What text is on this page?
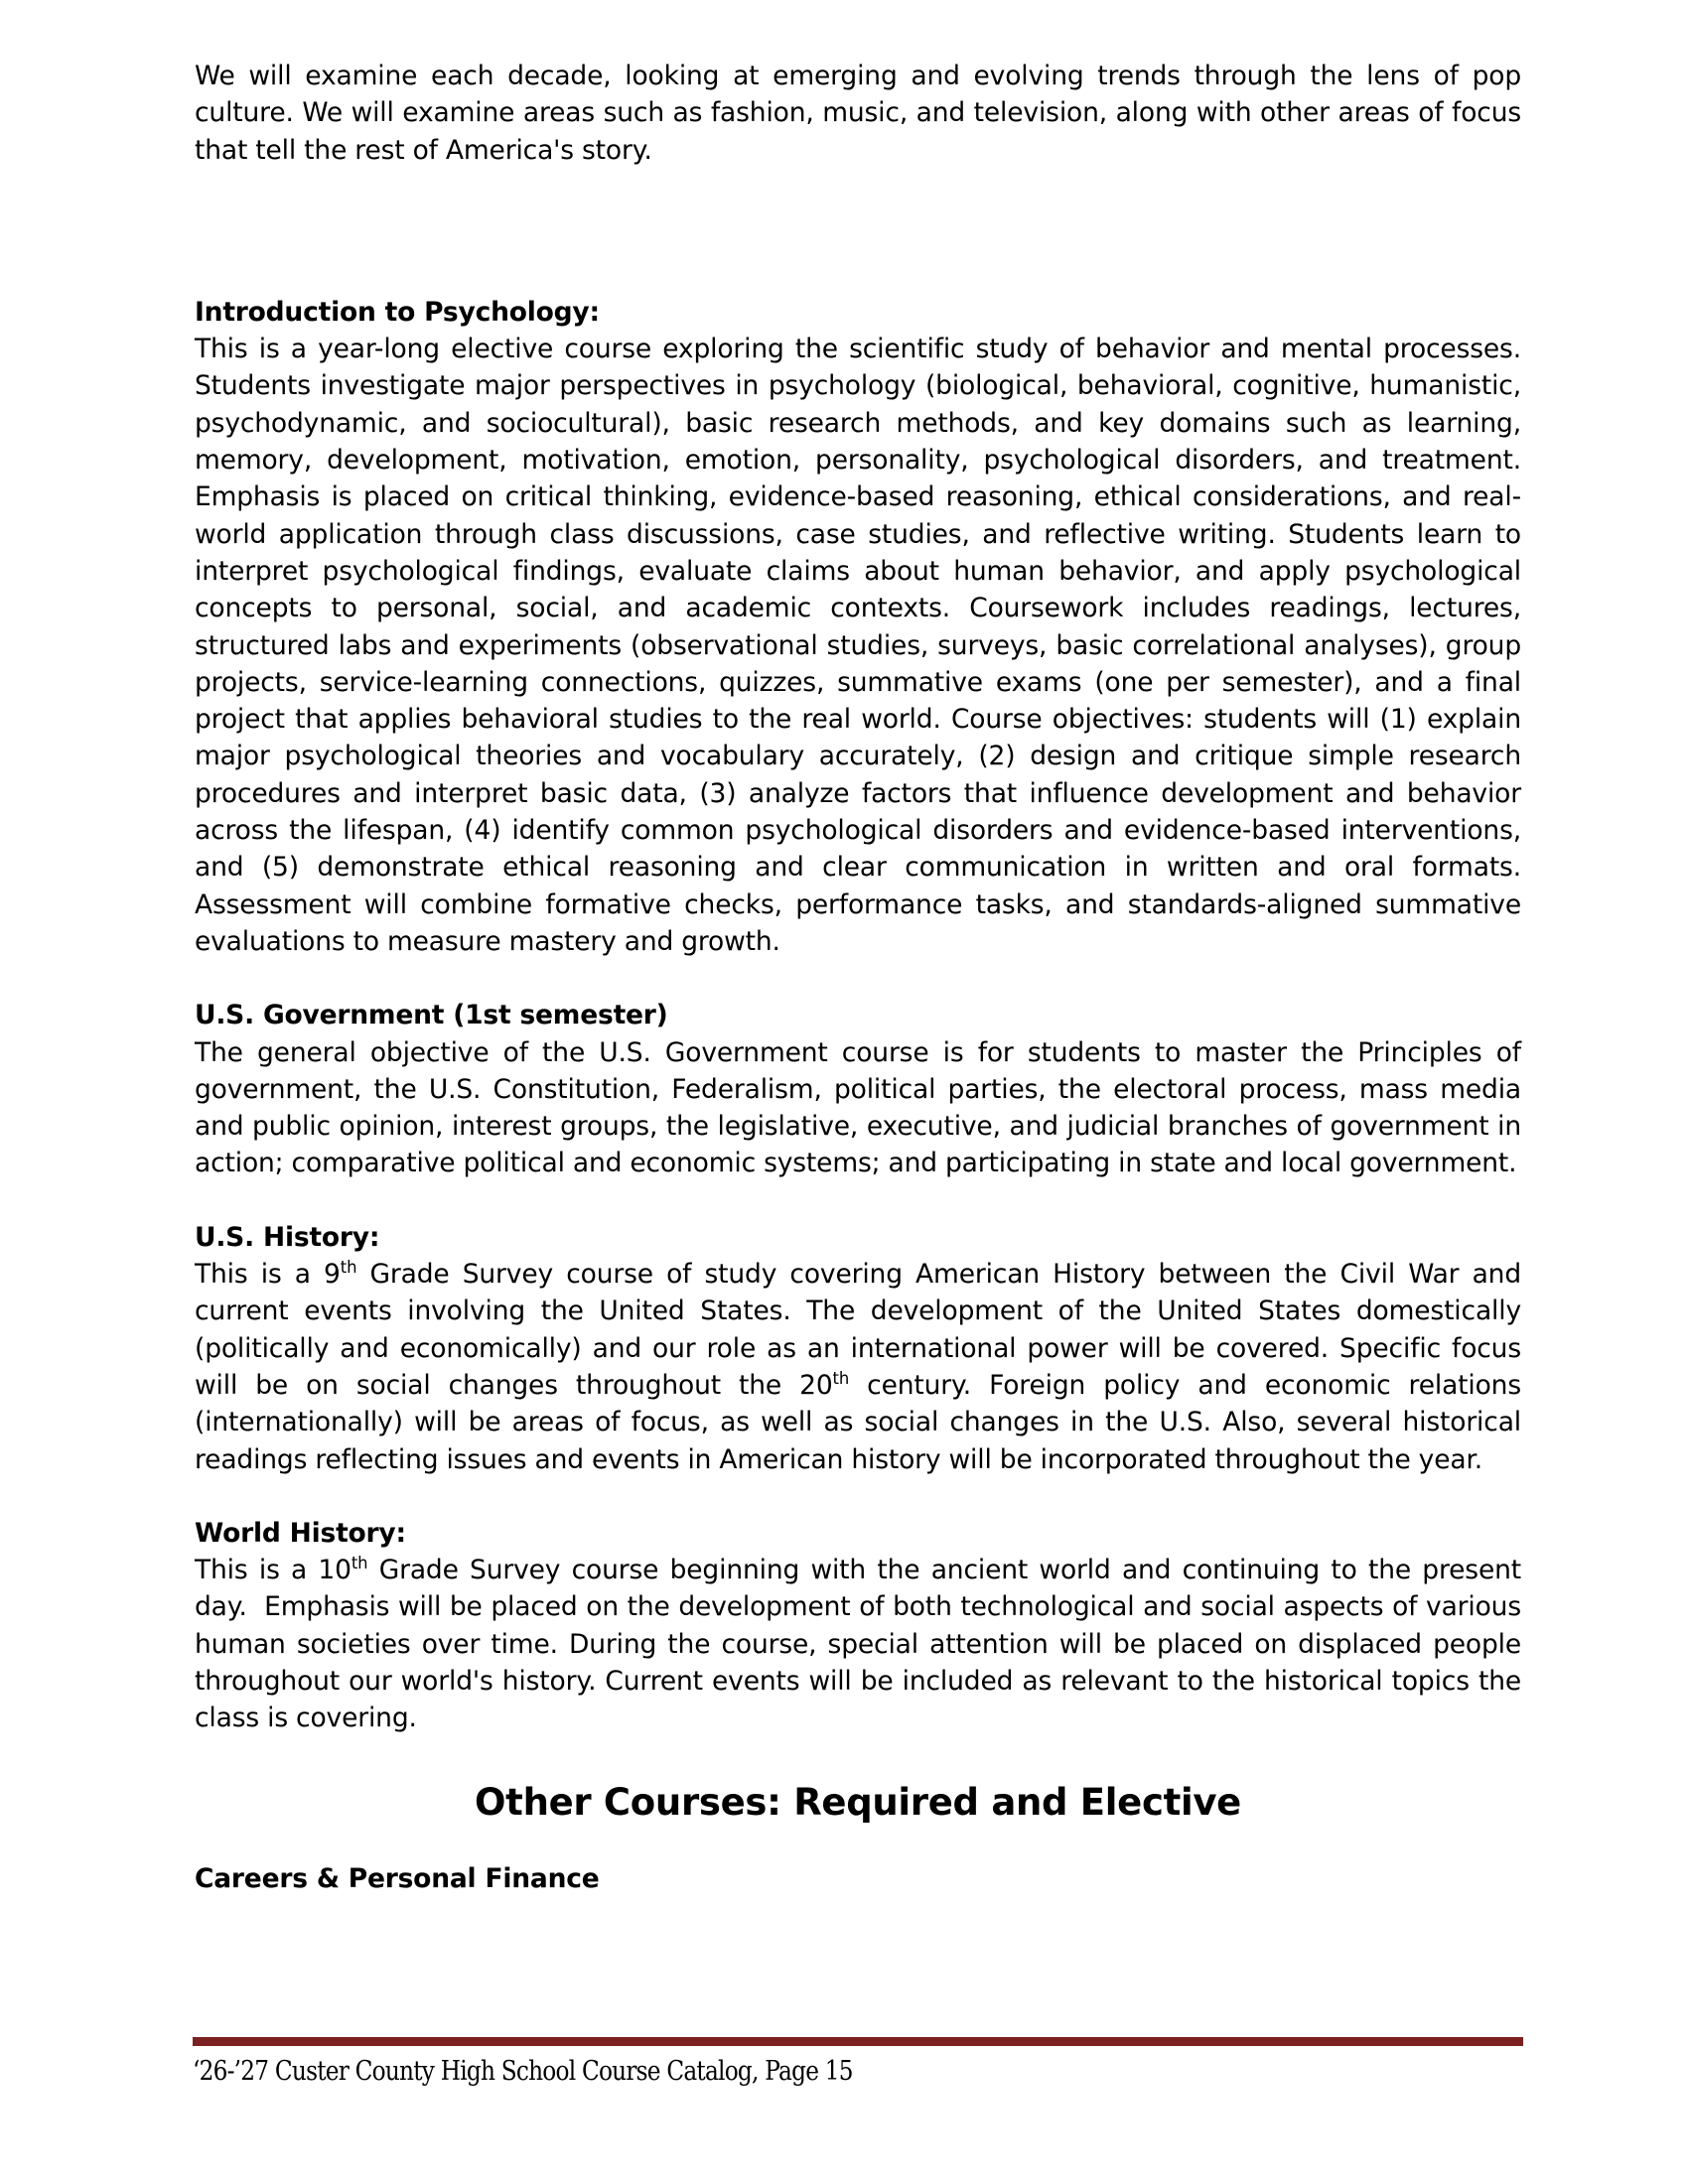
We will examine each decade, looking at emerging and evolving trends through the lens of pop culture. We will examine areas such as fashion, music, and television, along with other areas of focus that tell the rest of America's story.

Introduction to Psychology:

This is a year-long elective course exploring the scientific study of behavior and mental processes. Students investigate major perspectives in psychology (biological, behavioral, cognitive, humanistic, psychodynamic, and sociocultural), basic research methods, and key domains such as learning, memory, development, motivation, emotion, personality, psychological disorders, and treatment. Emphasis is placed on critical thinking, evidence-based reasoning, ethical considerations, and real-world application through class discussions, case studies, and reflective writing. Students learn to interpret psychological findings, evaluate claims about human behavior, and apply psychological concepts to personal, social, and academic contexts. Coursework includes readings, lectures, structured labs and experiments (observational studies, surveys, basic correlational analyses), group projects, service-learning connections, quizzes, summative exams (one per semester), and a final project that applies behavioral studies to the real world. Course objectives: students will (1) explain major psychological theories and vocabulary accurately, (2) design and critique simple research procedures and interpret basic data, (3) analyze factors that influence development and behavior across the lifespan, (4) identify common psychological disorders and evidence-based interventions, and (5) demonstrate ethical reasoning and clear communication in written and oral formats. Assessment will combine formative checks, performance tasks, and standards-aligned summative evaluations to measure mastery and growth.

U.S. Government (1st semester)

The general objective of the U.S. Government course is for students to master the Principles of government, the U.S. Constitution, Federalism, political parties, the electoral process, mass media and public opinion, interest groups, the legislative, executive, and judicial branches of government in action; comparative political and economic systems; and participating in state and local government.

U.S. History:

This is a 9th Grade Survey course of study covering American History between the Civil War and current events involving the United States. The development of the United States domestically (politically and economically) and our role as an international power will be covered. Specific focus will be on social changes throughout the 20th century. Foreign policy and economic relations (internationally) will be areas of focus, as well as social changes in the U.S. Also, several historical readings reflecting issues and events in American history will be incorporated throughout the year.

World History:

This is a 10th Grade Survey course beginning with the ancient world and continuing to the present day.  Emphasis will be placed on the development of both technological and social aspects of various human societies over time. During the course, special attention will be placed on displaced people throughout our world's history. Current events will be included as relevant to the historical topics the class is covering.

Other Courses: Required and Elective
Careers & Personal Finance
‘26-’27 Custer County High School Course Catalog, Page 15
